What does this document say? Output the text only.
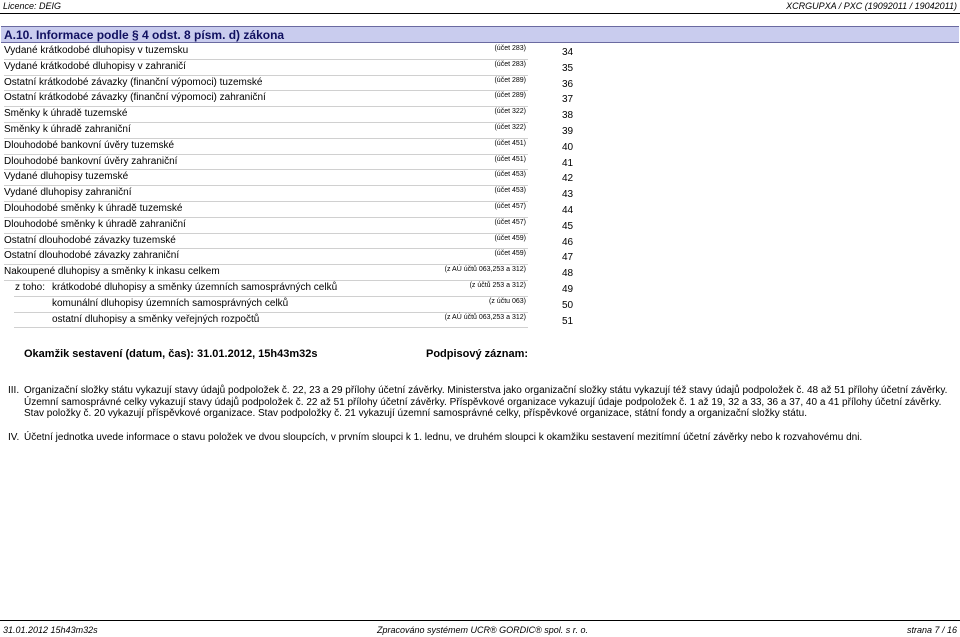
Licence: DEIG	XCRGUPXA / PXC (19092011 / 19042011)
A.10. Informace podle § 4 odst. 8 písm. d) zákona
Vydané krátkodobé dluhopisy v tuzemsku	(účet 283)	34
Vydané krátkodobé dluhopisy v zahraničí	(účet 283)	35
Ostatní krátkodobé závazky (finanční výpomoci) tuzemské	(účet 289)	36
Ostatní krátkodobé závazky (finanční výpomoci) zahraniční	(účet 289)	37
Směnky k úhradě tuzemské	(účet 322)	38
Směnky k úhradě zahraniční	(účet 322)	39
Dlouhodobé bankovní úvěry tuzemské	(účet 451)	40
Dlouhodobé bankovní úvěry zahraniční	(účet 451)	41
Vydané dluhopisy tuzemské	(účet 453)	42
Vydané dluhopisy zahraniční	(účet 453)	43
Dlouhodobé směnky k úhradě tuzemské	(účet 457)	44
Dlouhodobé směnky k úhradě zahraniční	(účet 457)	45
Ostatní dlouhodobé závazky tuzemské	(účet 459)	46
Ostatní dlouhodobé závazky zahraniční	(účet 459)	47
Nakoupené dluhopisy a směnky k inkasu celkem	(z AÚ účtů 063,253 a 312)	48
z toho: krátkodobé dluhopisy a směnky územních samosprávných celků	(z účtů 253 a 312)	49
komunální dluhopisy územních samosprávných celků	(z účtu 063)	50
ostatní dluhopisy a směnky veřejných rozpočtů	(z AÚ účtů 063,253 a 312)	51
Okamžik sestavení (datum, čas): 31.01.2012, 15h43m32s	Podpisový záznam:
III. Organizační složky státu vykazují stavy údajů podpoložek č. 22, 23 a 29 přílohy účetní závěrky. Ministerstva jako organizační složky státu vykazují též stavy údajů podpoložek č. 48 až 51 přílohy účetní závěrky. Územní samosprávné celky vykazují stavy údajů podpoložek č. 22 až 51 přílohy účetní závěrky. Příspěvkové organizace vykazují údaje podpoložek č. 1 až 19, 32 a 33, 36 a 37, 40 a 41 přílohy účetní závěrky. Stav položky č. 20 vykazují příspěvkové organizace. Stav podpoložky č. 21 vykazují územní samosprávné celky, příspěvkové organizace, státní fondy a organizační složky státu.
IV. Účetní jednotka uvede informace o stavu položek ve dvou sloupcích, v prvním sloupci k 1. lednu, ve druhém sloupci k okamžiku sestavení mezitímní účetní závěrky nebo k rozvahovému dni.
31.01.2012 15h43m32s	Zpracováno systémem UCR® GORDIC® spol. s r. o.	strana 7 / 16
